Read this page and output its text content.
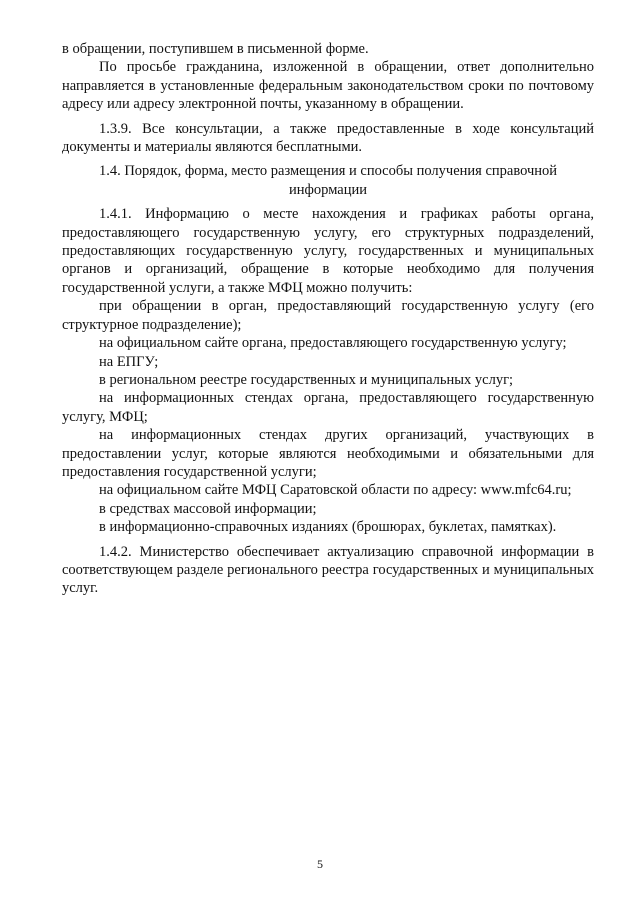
в обращении, поступившем в письменной форме.

По просьбе гражданина, изложенной в обращении, ответ дополнительно направляется в установленные федеральным законодательством сроки по почтовому адресу или адресу электронной почты, указанному в обращении.

1.3.9. Все консультации, а также предоставленные в ходе консультаций документы и материалы являются бесплатными.

1.4. Порядок, форма, место размещения и способы получения справочной информации

1.4.1. Информацию о месте нахождения и графиках работы органа, предоставляющего государственную услугу, его структурных подразделений, предоставляющих государственную услугу, государственных и муниципальных органов и организаций, обращение в которые необходимо для получения государственной услуги, а также МФЦ можно получить:

при обращении в орган, предоставляющий государственную услугу (его структурное подразделение);

на официальном сайте органа, предоставляющего государственную услугу;

на ЕПГУ;

в региональном реестре государственных и муниципальных услуг;

на информационных стендах органа, предоставляющего государственную услугу, МФЦ;

на информационных стендах других организаций, участвующих в предоставлении услуг, которые являются необходимыми и обязательными для предоставления государственной услуги;

на официальном сайте МФЦ Саратовской области по адресу: www.mfc64.ru;

в средствах массовой информации;

в информационно-справочных изданиях (брошюрах, буклетах, памятках).

1.4.2. Министерство обеспечивает актуализацию справочной информации в соответствующем разделе регионального реестра государственных и муниципальных услуг.

5
